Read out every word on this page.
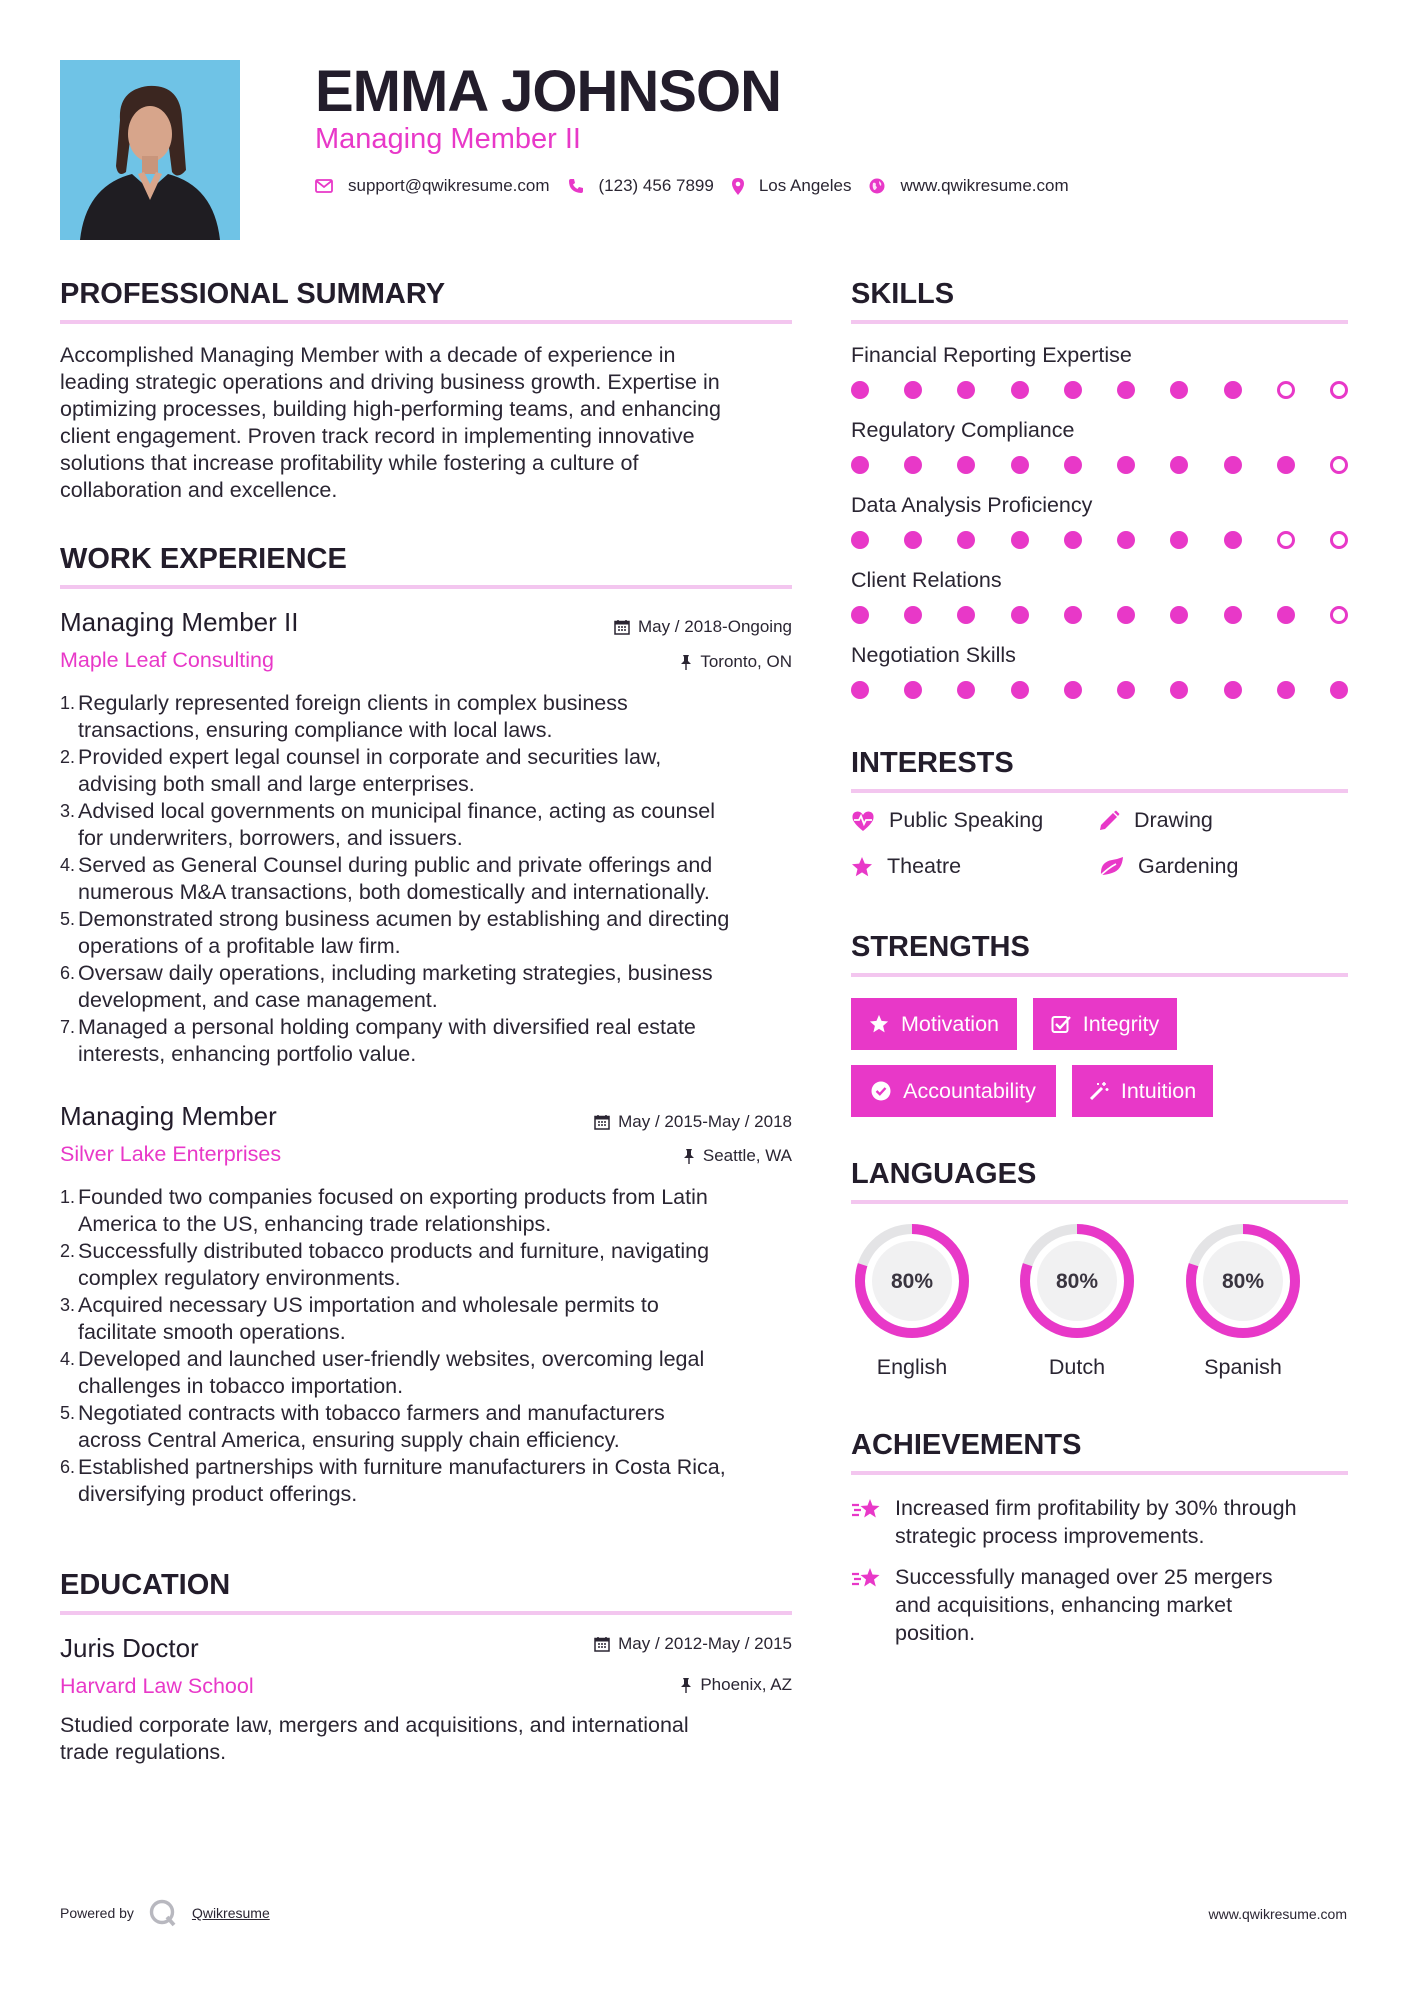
EMMA JOHNSON
Managing Member II
support@qwikresume.com	(123) 456 7899	Los Angeles	www.qwikresume.com
PROFESSIONAL SUMMARY
Accomplished Managing Member with a decade of experience in
leading strategic operations and driving business growth. Expertise in
optimizing processes, building high-performing teams, and enhancing
client engagement. Proven track record in implementing innovative
solutions that increase profitability while fostering a culture of
collaboration and excellence.
WORK EXPERIENCE
Managing Member II
Maple Leaf Consulting
May / 2018-Ongoing
Toronto, ON
Regularly represented foreign clients in complex business
transactions, ensuring compliance with local laws.
Provided expert legal counsel in corporate and securities law,
advising both small and large enterprises.
Advised local governments on municipal finance, acting as counsel
for underwriters, borrowers, and issuers.
Served as General Counsel during public and private offerings and
numerous M&A transactions, both domestically and internationally.
Demonstrated strong business acumen by establishing and directing
operations of a profitable law firm.
Oversaw daily operations, including marketing strategies, business
development, and case management.
Managed a personal holding company with diversified real estate
interests, enhancing portfolio value.
Managing Member
Silver Lake Enterprises
May / 2015-May / 2018
Seattle, WA
Founded two companies focused on exporting products from Latin
America to the US, enhancing trade relationships.
Successfully distributed tobacco products and furniture, navigating
complex regulatory environments.
Acquired necessary US importation and wholesale permits to
facilitate smooth operations.
Developed and launched user-friendly websites, overcoming legal
challenges in tobacco importation.
Negotiated contracts with tobacco farmers and manufacturers
across Central America, ensuring supply chain efficiency.
Established partnerships with furniture manufacturers in Costa Rica,
diversifying product offerings.
EDUCATION
Juris Doctor
Harvard Law School
May / 2012-May / 2015
Phoenix, AZ
Studied corporate law, mergers and acquisitions, and international
trade regulations.
SKILLS
Financial Reporting Expertise
Regulatory Compliance
Data Analysis Proficiency
Client Relations
Negotiation Skills
INTERESTS
Public Speaking	Drawing
Theatre	Gardening
STRENGTHS
Motivation	Integrity
Accountability	Intuition
LANGUAGES
80%
English
80%
Dutch
80%
Spanish
ACHIEVEMENTS
Increased firm profitability by 30% through
strategic process improvements.
Successfully managed over 25 mergers
and acquisitions, enhancing market
position.
Powered by	Qwikresume	www.qwikresume.com
